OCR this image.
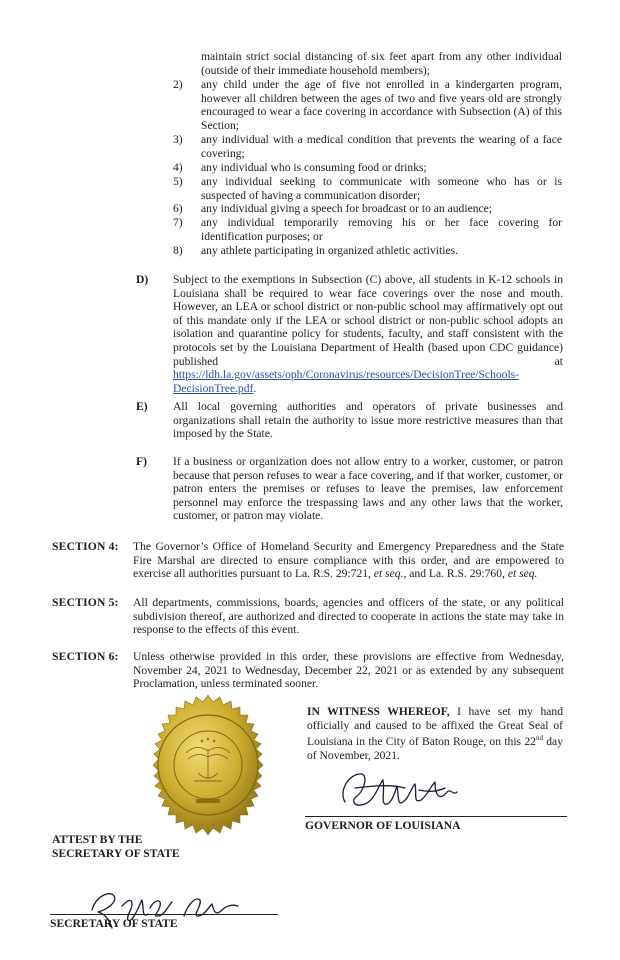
maintain strict social distancing of six feet apart from any other individual (outside of their immediate household members);
2) any child under the age of five not enrolled in a kindergarten program, however all children between the ages of two and five years old are strongly encouraged to wear a face covering in accordance with Subsection (A) of this Section;
3) any individual with a medical condition that prevents the wearing of a face covering;
4) any individual who is consuming food or drinks;
5) any individual seeking to communicate with someone who has or is suspected of having a communication disorder;
6) any individual giving a speech for broadcast or to an audience;
7) any individual temporarily removing his or her face covering for identification purposes; or
8) any athlete participating in organized athletic activities.
D) Subject to the exemptions in Subsection (C) above, all students in K-12 schools in Louisiana shall be required to wear face coverings over the nose and mouth. However, an LEA or school district or non-public school may affirmatively opt out of this mandate only if the LEA or school district or non-public school adopts an isolation and quarantine policy for students, faculty, and staff consistent with the protocols set by the Louisiana Department of Health (based upon CDC guidance) published at https://ldh.la.gov/assets/oph/Coronavirus/resources/DecisionTree/Schools-DecisionTree.pdf.
E) All local governing authorities and operators of private businesses and organizations shall retain the authority to issue more restrictive measures than that imposed by the State.
F) If a business or organization does not allow entry to a worker, customer, or patron because that person refuses to wear a face covering, and if that worker, customer, or patron enters the premises or refuses to leave the premises, law enforcement personnel may enforce the trespassing laws and any other laws that the worker, customer, or patron may violate.
SECTION 4: The Governor’s Office of Homeland Security and Emergency Preparedness and the State Fire Marshal are directed to ensure compliance with this order, and are empowered to exercise all authorities pursuant to La. R.S. 29:721, et seq., and La. R.S. 29:760, et seq.
SECTION 5: All departments, commissions, boards, agencies and officers of the state, or any political subdivision thereof, are authorized and directed to cooperate in actions the state may take in response to the effects of this event.
SECTION 6: Unless otherwise provided in this order, these provisions are effective from Wednesday, November 24, 2021 to Wednesday, December 22, 2021 or as extended by any subsequent Proclamation, unless terminated sooner.
IN WITNESS WHEREOF, I have set my hand officially and caused to be affixed the Great Seal of Louisiana in the City of Baton Rouge, on this 22nd day of November, 2021.
GOVERNOR OF LOUISIANA
ATTEST BY THE
SECRETARY OF STATE
SECRETARY OF STATE
